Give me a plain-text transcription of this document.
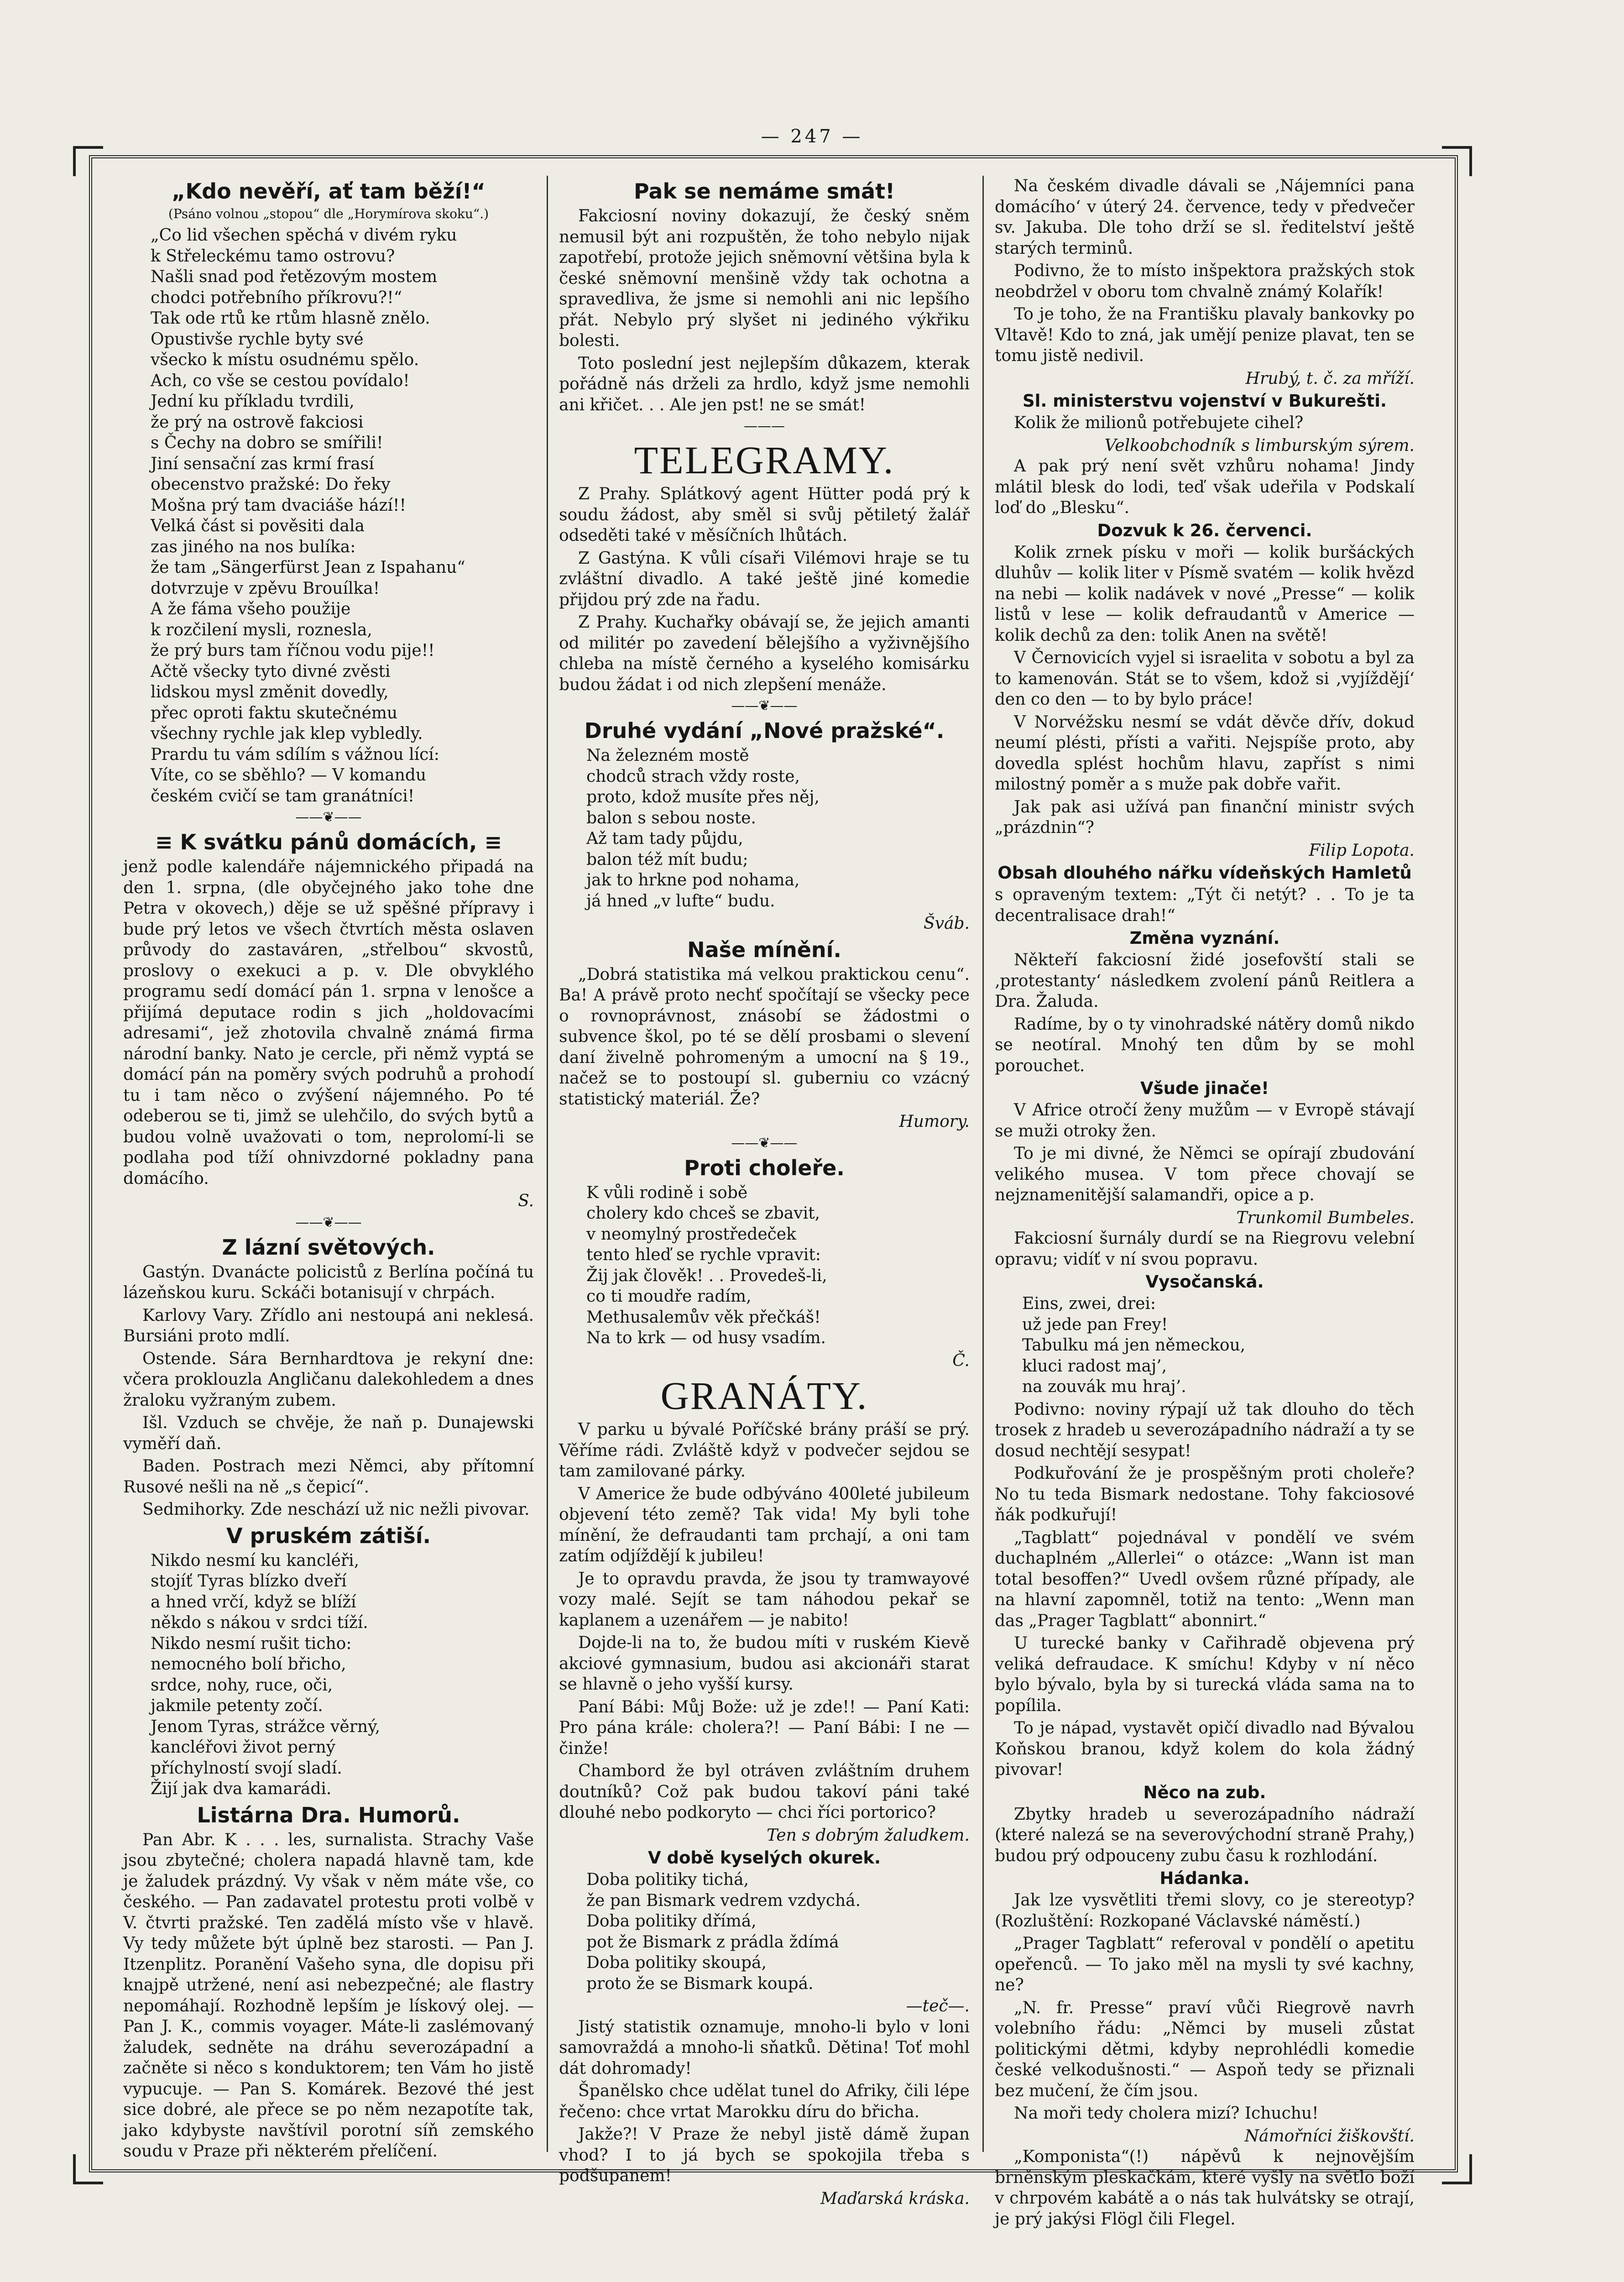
— 247 —
„Kdo nevěří, ať tam běží!“
(Psáno volnou „stopou“ dle „Horymírova skoku“.)
„Co lid všechen spěchá v divém ryku
k Střeleckému tamo ostrovu?
Našli snad pod řetězovým mostem
chodci potřebního příkrovu?!“
Tak ode rtů ke rtům hlasně znělo.
Opustivše rychle byty své
všecko k místu osudnému spělo.
Ach, co vše se cestou povídalo!
Jední ku příkladu tvrdili,
že prý na ostrově fakciosi
s Čechy na dobro se smířili!
Jiní sensační zas krmí frasí
obecenstvo pražské: Do řeky
Mošna prý tam dvaciáše hází!!
Velká část si pověsiti dala
zas jiného na nos bulíka:
že tam „Sängerfürst Jean z Ispahanu“
dotvrzuje v zpěvu Brouílka!
A že fáma všeho použije
k rozčilení mysli, roznesla,
že prý burs tam říčnou vodu pije!!
Ačtě všecky tyto divné zvěsti
lidskou mysl změnit dovedly,
přec oproti faktu skutečnému
všechny rychle jak klep vybledly.
Prardu tu vám sdílím s vážnou lící:
Víte, co se sběhlo? — V komandu
českém cvičí se tam granátníci!
——❦——
≡ K svátku pánů domácích, ≡

jenž podle kalendáře nájemnického připadá na den 1. srpna, (dle obyčejného jako tohe dne Petra v okovech,) děje se už spěšné přípravy i bude prý letos ve všech čtvrtích města oslaven průvody do zastaváren, „střelbou“ skvostů, proslovy o exekuci a p. v. Dle obvyklého programu sedí domácí pán 1. srpna v lenošce a přijímá deputace rodin s jich „holdovacími adresami“, jež zhotovila chvalně známá firma národní banky. Nato je cercle, při němž vyptá se domácí pán na poměry svých podruhů a prohodí tu i tam něco o zvýšení nájemného. Po té odeberou se ti, jimž se ulehčilo, do svých bytů a budou volně uvažovati o tom, neprolomí-li se podlaha pod tíží ohnivzdorné pokladny pana domácího.

S.
——❦——
Z lázní světových.

Gastýn. Dvanácte policistů z Berlína počíná tu lázeňskou kuru. Sckáči botanisují v chrpách.

Karlovy Vary. Zřídlo ani nestoupá ani neklesá. Bursiáni proto mdlí.

Ostende. Sára Bernhardtova je rekyní dne: včera proklouzla Angličanu dalekohledem a dnes žraloku vyžraným zubem.

Išl. Vzduch se chvěje, že naň p. Dunajewski vyměří daň.

Baden. Postrach mezi Němci, aby přítomní Rusové nešli na ně „s čepicí“.

Sedmihorky. Zde neschází už nic nežli pivovar.

V pruském zátiší.
Nikdo nesmí ku kancléři,
stojíť Tyras blízko dveří
a hned vrčí, když se blíží
někdo s nákou v srdci tíží.
Nikdo nesmí rušit ticho:
nemocného bolí břicho,
srdce, nohy, ruce, oči,
jakmile petenty zočí.
Jenom Tyras, strážce věrný,
kancléřovi život perný
příchylností svojí sladí.
Žijí jak dva kamarádi.
Listárna Dra. Humorů.

Pan Abr. K . . . les, surnalista. Strachy Vaše jsou zbytečné; cholera napadá hlavně tam, kde je žaludek prázdný. Vy však v něm máte vše, co českého. — Pan zadavatel protestu proti volbě v V. čtvrti pražské. Ten zadělá místo vše v hlavě. Vy tedy můžete být úplně bez starosti. — Pan J. Itzenplitz. Poranění Vašeho syna, dle dopisu při knajpě utržené, není asi nebezpečné; ale flastry nepomáhají. Rozhodně lepším je lískový olej. — Pan J. K., commis voyager. Máte-li zaslémovaný žaludek, sedněte na dráhu severozápadní a začněte si něco s konduktorem; ten Vám ho jistě vypucuje. — Pan S. Komárek. Bezové thé jest sice dobré, ale přece se po něm nezapotíte tak, jako kdybyste navštívil porotní síň zemského soudu v Praze při některém přelíčení.

Pak se nemáme smát!

Fakciosní noviny dokazují, že český sněm nemusil být ani rozpuštěn, že toho nebylo nijak zapotřebí, protože jejich sněmovní většina byla k české sněmovní menšině vždy tak ochotna a spravedliva, že jsme si nemohli ani nic lepšího přát. Nebylo prý slyšet ni jediného výkřiku bolesti.

Toto poslední jest nejlepším důkazem, kterak pořádně nás drželi za hrdlo, když jsme nemohli ani křičet. . . Ale jen pst! ne se smát!

———
TELEGRAMY.

Z Prahy. Splátkový agent Hütter podá prý k soudu žádost, aby směl si svůj pětiletý žalář odseděti také v měsíčních lhůtách.

Z Gastýna. K vůli císaři Vilémovi hraje se tu zvláštní divadlo. A také ještě jiné komedie přijdou prý zde na řadu.

Z Prahy. Kuchařky obávají se, že jejich amanti od militér po zavedení bělejšího a vyživnějšího chleba na místě černého a kyselého komisárku budou žádat i od nich zlepšení menáže.

——❦——
Druhé vydání „Nové pražské“.
Na železném mostě
chodců strach vždy roste,
proto, kdož musíte přes něj,
balon s sebou noste.
Až tam tady půjdu,
balon též mít budu;
jak to hrkne pod nohama,
já hned „v lufte“ budu.
Šváb.
Naše mínění.

„Dobrá statistika má velkou praktickou cenu“. Ba! A právě proto nechť spočítají se všecky pece o rovnoprávnost, znásobí se žádostmi o subvence škol, po té se dělí prosbami o slevení daní živelně pohromeným a umocní na § 19., načež se to postoupí sl. guberniu co vzácný statistický materiál. Že?

Humory.
——❦——
Proti choleře.
K vůli rodině i sobě
cholery kdo chceš se zbavit,
v neomylný prostředeček
tento hleď se rychle vpravit:
Žij jak člověk! . . Provedeš-li,
co ti moudře radím,
Methusalemův věk přečkáš!
Na to krk — od husy vsadím.
Č.
GRANÁTY.

V parku u bývalé Poříčské brány práší se prý. Věříme rádi. Zvláště když v podvečer sejdou se tam zamilované párky.

V Americe že bude odbýváno 400leté jubileum objevení této země? Tak vida! My byli tohe mínění, že defraudanti tam prchají, a oni tam zatím odjíždějí k jubileu!

Je to opravdu pravda, že jsou ty tramwayové vozy malé. Sejít se tam náhodou pekař se kaplanem a uzenářem — je nabito!

Dojde-li na to, že budou míti v ruském Kievě akciové gymnasium, budou asi akcionáři starat se hlavně o jeho vyšší kursy.

Paní Bábi: Můj Bože: už je zde!! — Paní Kati: Pro pána krále: cholera?! — Paní Bábi: I ne — činže!

Chambord že byl otráven zvláštním druhem doutníků? Což pak budou takoví páni také dlouhé nebo podkoryto — chci říci portorico?

Ten s dobrým žaludkem.
V době kyselých okurek.
Doba politiky tichá,
že pan Bismark vedrem vzdychá.
Doba politiky dřímá,
pot že Bismark z prádla ždímá
Doba politiky skoupá,
proto že se Bismark koupá.
—teč—.

Jistý statistik oznamuje, mnoho-li bylo v loni samovraždá a mnoho-li sňatků. Dětina! Toť mohl dát dohromady!

Španělsko chce udělat tunel do Afriky, čili lépe řečeno: chce vrtat Marokku díru do břicha.

Jakže?! V Praze že nebyl jistě dámě župan vhod? I to já bych se spokojila třeba s podšupanem!

Maďarská kráska.

Na českém divadle dávali se ‚Nájemníci pana domácího‘ v úterý 24. července, tedy v předvečer sv. Jakuba. Dle toho drží se sl. ředitelství ještě starých terminů.

Podivno, že to místo inšpektora pražských stok neobdržel v oboru tom chvalně známý Kolařík!

To je toho, že na Františku plavaly bankovky po Vltavě! Kdo to zná, jak umějí penize plavat, ten se tomu jistě nedivil.

Hrubý, t. č. za mříží.
Sl. ministerstvu vojenství v Bukurešti.

Kolik že milionů potřebujete cihel?

Velkoobchodník s limburským sýrem.

A pak prý není svět vzhůru nohama! Jindy mlátil blesk do lodi, teď však udeřila v Podskalí loď do „Blesku“.

Dozvuk k 26. červenci.

Kolik zrnek písku v moři — kolik buršáckých dluhův — kolik liter v Písmě svatém — kolik hvězd na nebi — kolik nadávek v nové „Presse“ — kolik listů v lese — kolik defraudantů v Americe — kolik dechů za den: tolik Anen na světě!

V Černovicích vyjel si israelita v sobotu a byl za to kamenován. Stát se to všem, kdož si ‚vyjíždějí‘ den co den — to by bylo práce!

V Norvéžsku nesmí se vdát děvče dřív, dokud neumí plésti, přísti a vařiti. Nejspíše proto, aby dovedla splést hochům hlavu, zapříst s nimi milostný poměr a s muže pak dobře vařit.

Jak pak asi užívá pan finanční ministr svých „prázdnin“?

Filip Lopota.
Obsah dlouhého nářku vídeňských Hamletů

s opraveným textem: „Týt či netýt? . . To je ta decentralisace drah!“

Změna vyznání.

Někteří fakciosní židé josefovští stali se ‚protestanty‘ následkem zvolení pánů Reitlera a Dra. Žaluda.

Radíme, by o ty vinohradské nátěry domů nikdo se neotíral. Mnohý ten dům by se mohl porouchet.

Všude jinače!

V Africe otročí ženy mužům — v Evropě stávají se muži otroky žen.

To je mi divné, že Němci se opírají zbudování velikého musea. V tom přece chovají se nejznamenitější salamandři, opice a p.

Trunkomil Bumbeles.

Fakciosní šurnály durdí se na Riegrovu velební opravu; vidíť v ní svou popravu.

Vysočanská.
Eins, zwei, drei:
už jede pan Frey!
Tabulku má jen německou,
kluci radost maj’,
na zouvák mu hraj’.

Podivno: noviny rýpají už tak dlouho do těch trosek z hradeb u severozápadního nádraží a ty se dosud nechtějí sesypat!

Podkuřování že je prospěšným proti choleře? No tu teda Bismark nedostane. Tohy fakciosové ňák podkuřují!

„Tagblatt“ pojednával v pondělí ve svém duchaplném „Allerlei“ o otázce: „Wann ist man total besoffen?“ Uvedl ovšem různé případy, ale na hlavní zapomněl, totiž na tento: „Wenn man das „Prager Tagblatt“ abonnirt.“

U turecké banky v Cařihradě objevena prý veliká defraudace. K smíchu! Kdyby v ní něco bylo bývalo, byla by si turecká vláda sama na to popílila.

To je nápad, vystavět opičí divadlo nad Bývalou Koňskou branou, když kolem do kola žádný pivovar!

Něco na zub.

Zbytky hradeb u severozápadního nádraží (které nalezá se na severovýchodní straně Prahy,) budou prý odpouceny zubu času k rozhlodání.

Hádanka.

Jak lze vysvětliti třemi slovy, co je stereotyp? (Rozluštění: Rozkopané Václavské náměstí.)

„Prager Tagblatt“ referoval v pondělí o apetitu opeřenců. — To jako měl na mysli ty své kachny, ne?

„N. fr. Presse“ praví vůči Riegrově navrh volebního řádu: „Němci by museli zůstat politickými dětmi, kdyby neprohlédli komedie české velkodušnosti.“ — Aspoň tedy se přiznali bez mučení, že čím jsou.

Na moři tedy cholera mizí? Ichuchu!

Námořníci žiškovští.

„Komponista“(!) nápěvů k nejnovějším brněnským pleskačkám, které vyšly na světlo boží v chrpovém kabátě a o nás tak hulvátsky se otrají, je prý jakýsi Flögl čili Flegel.
